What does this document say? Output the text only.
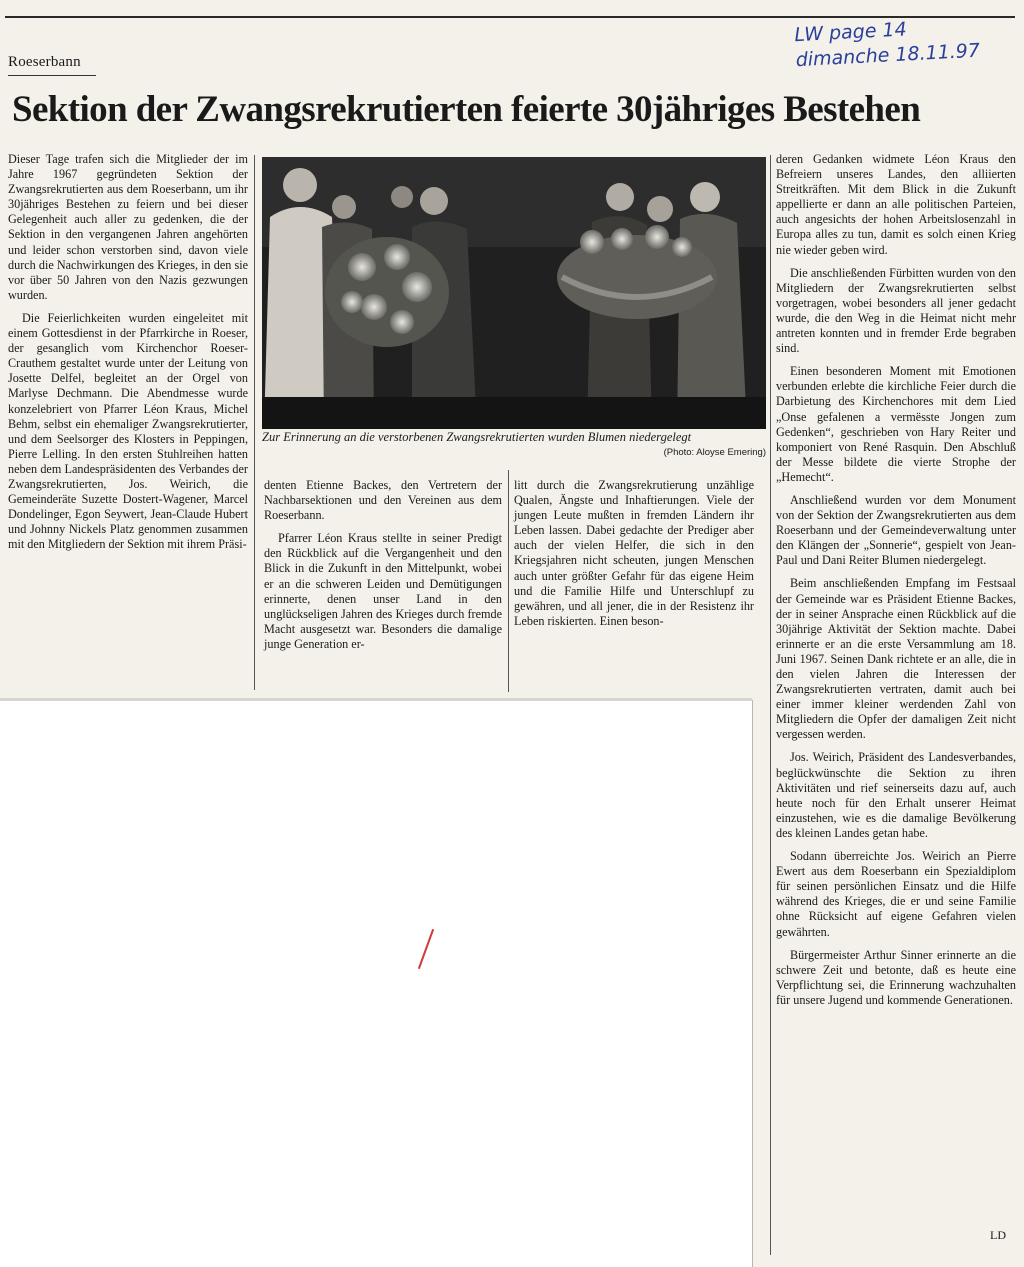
Roeserbann
LW page 14
dimanche 18.11.97
Sektion der Zwangsrekrutierten feierte 30jähriges Bestehen

Dieser Tage trafen sich die Mitglieder der im Jahre 1967 gegründeten Sektion der Zwangsrekrutierten aus dem Roeserbann, um ihr 30jähriges Bestehen zu feiern und bei dieser Gelegenheit auch aller zu gedenken, die der Sektion in den vergangenen Jahren angehörten und leider schon verstorben sind, davon viele durch die Nachwirkungen des Krieges, in den sie vor über 50 Jahren von den Nazis gezwungen wurden.

Die Feierlichkeiten wurden eingeleitet mit einem Gottesdienst in der Pfarrkirche in Roeser, der gesanglich vom Kirchenchor Roeser-Crauthem gestaltet wurde unter der Leitung von Josette Delfel, begleitet an der Orgel von Marlyse Dechmann. Die Abendmesse wurde konzelebriert von Pfarrer Léon Kraus, Michel Behm, selbst ein ehemaliger Zwangsrekrutierter, und dem Seelsorger des Klosters in Peppingen, Pierre Lelling. In den ersten Stuhlreihen hatten neben dem Landespräsidenten des Verbandes der Zwangsrekrutierten, Jos. Weirich, die Gemeinderäte Suzette Dostert-Wagener, Marcel Dondelinger, Egon Seywert, Jean-Claude Hubert und Johnny Nickels Platz genommen zusammen mit den Mitgliedern der Sektion mit ihrem Präsi-

Zur Erinnerung an die verstorbenen Zwangsrekrutierten wurden Blumen niedergelegt
(Photo: Aloyse Emering)

denten Etienne Backes, den Vertretern der Nachbarsektionen und den Vereinen aus dem Roeserbann.

Pfarrer Léon Kraus stellte in seiner Predigt den Rückblick auf die Vergangenheit und den Blick in die Zukunft in den Mittelpunkt, wobei er an die schweren Leiden und Demütigungen erinnerte, denen unser Land in den unglückseligen Jahren des Krieges durch fremde Macht ausgesetzt war. Besonders die damalige junge Generation er-

litt durch die Zwangsrekrutierung unzählige Qualen, Ängste und Inhaftierungen. Viele der jungen Leute mußten in fremden Ländern ihr Leben lassen. Dabei gedachte der Prediger aber auch der vielen Helfer, die sich in den Kriegsjahren nicht scheuten, jungen Menschen auch unter größter Gefahr für das eigene Heim und die Familie Hilfe und Unterschlupf zu gewähren, und all jener, die in der Resistenz ihr Leben riskierten. Einen beson-

deren Gedanken widmete Léon Kraus den Befreiern unseres Landes, den alliierten Streitkräften. Mit dem Blick in die Zukunft appellierte er dann an alle politischen Parteien, auch angesichts der hohen Arbeitslosenzahl in Europa alles zu tun, damit es solch einen Krieg nie wieder geben wird.

Die anschließenden Fürbitten wurden von den Mitgliedern der Zwangsrekrutierten selbst vorgetragen, wobei besonders all jener gedacht wurde, die den Weg in die Heimat nicht mehr antreten konnten und in fremder Erde begraben sind.

Einen besonderen Moment mit Emotionen verbunden erlebte die kirchliche Feier durch die Darbietung des Kirchenchores mit dem Lied „Onse gefalenen a vermësste Jongen zum Gedenken“, geschrieben von Hary Reiter und komponiert von René Rasquin. Den Abschluß der Messe bildete die vierte Strophe der „Hemecht“.

Anschließend wurden vor dem Monument von der Sektion der Zwangsrekrutierten aus dem Roeserbann und der Gemeindeverwaltung unter den Klängen der „Sonnerie“, gespielt von Jean-Paul und Dani Reiter Blumen niedergelegt.

Beim anschließenden Empfang im Festsaal der Gemeinde war es Präsident Etienne Backes, der in seiner Ansprache einen Rückblick auf die 30jährige Aktivität der Sektion machte. Dabei erinnerte er an die erste Versammlung am 18. Juni 1967. Seinen Dank richtete er an alle, die in den vielen Jahren die Interessen der Zwangsrekrutierten vertraten, damit auch bei einer immer kleiner werdenden Zahl von Mitgliedern die Opfer der damaligen Zeit nicht vergessen werden.

Jos. Weirich, Präsident des Landesverbandes, beglückwünschte die Sektion zu ihren Aktivitäten und rief seinerseits dazu auf, auch heute noch für den Erhalt unserer Heimat einzustehen, wie es die damalige Bevölkerung des kleinen Landes getan habe.

Sodann überreichte Jos. Weirich an Pierre Ewert aus dem Roeserbann ein Spezialdiplom für seinen persönlichen Einsatz und die Hilfe während des Krieges, die er und seine Familie ohne Rücksicht auf eigene Gefahren vielen gewährten.

Bürgermeister Arthur Sinner erinnerte an die schwere Zeit und betonte, daß es heute eine Verpflichtung sei, die Erinnerung wachzuhalten für unsere Jugend und kommende Generationen.

LD
